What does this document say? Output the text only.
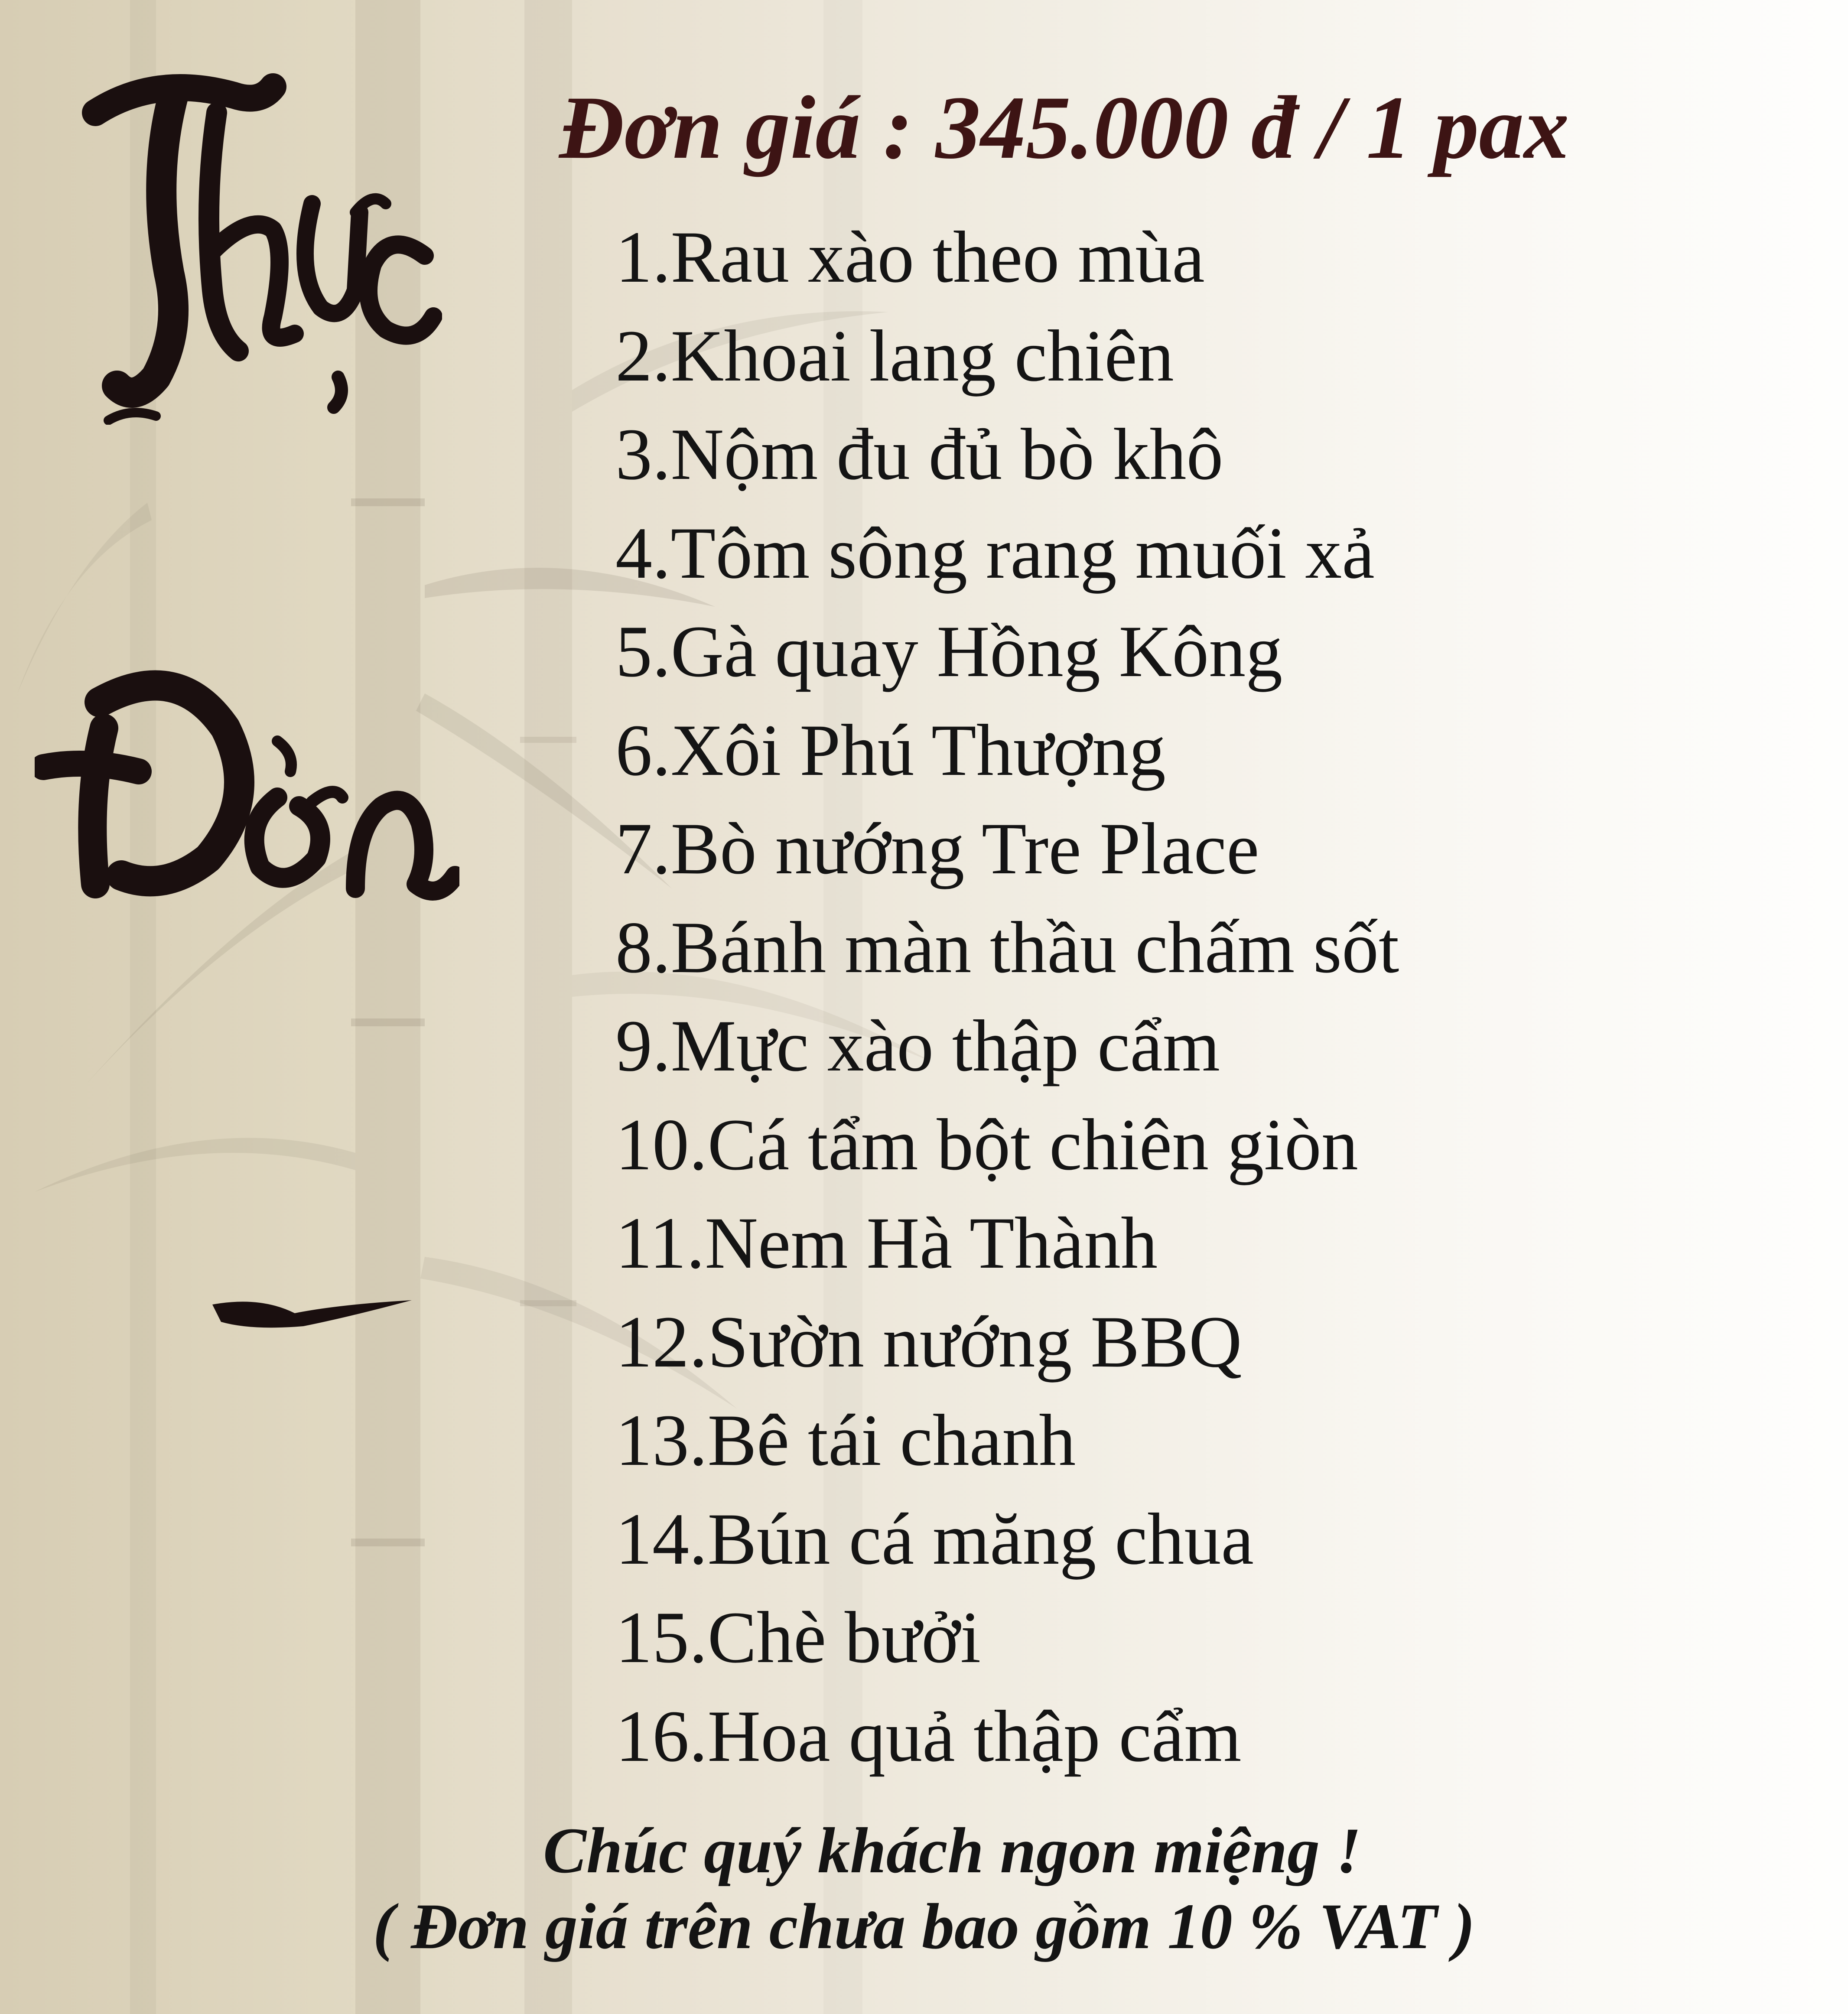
Đơn giá : 345.000 đ / 1 pax
1.Rau xào theo mùa
2.Khoai lang chiên
3.Nộm đu đủ bò khô
4.Tôm sông rang muối xả
5.Gà quay Hồng Kông
6.Xôi Phú Thượng
7.Bò nướng Tre Place
8.Bánh màn thầu chấm sốt
9.Mực xào thập cẩm
10.Cá tẩm bột chiên giòn
11.Nem Hà Thành
12.Sườn nướng BBQ
13.Bê tái chanh
14.Bún cá măng chua
15.Chè bưởi
16.Hoa quả thập cẩm
Chúc quý khách ngon miệng !
( Đơn giá trên chưa bao gồm 10 % VAT )
